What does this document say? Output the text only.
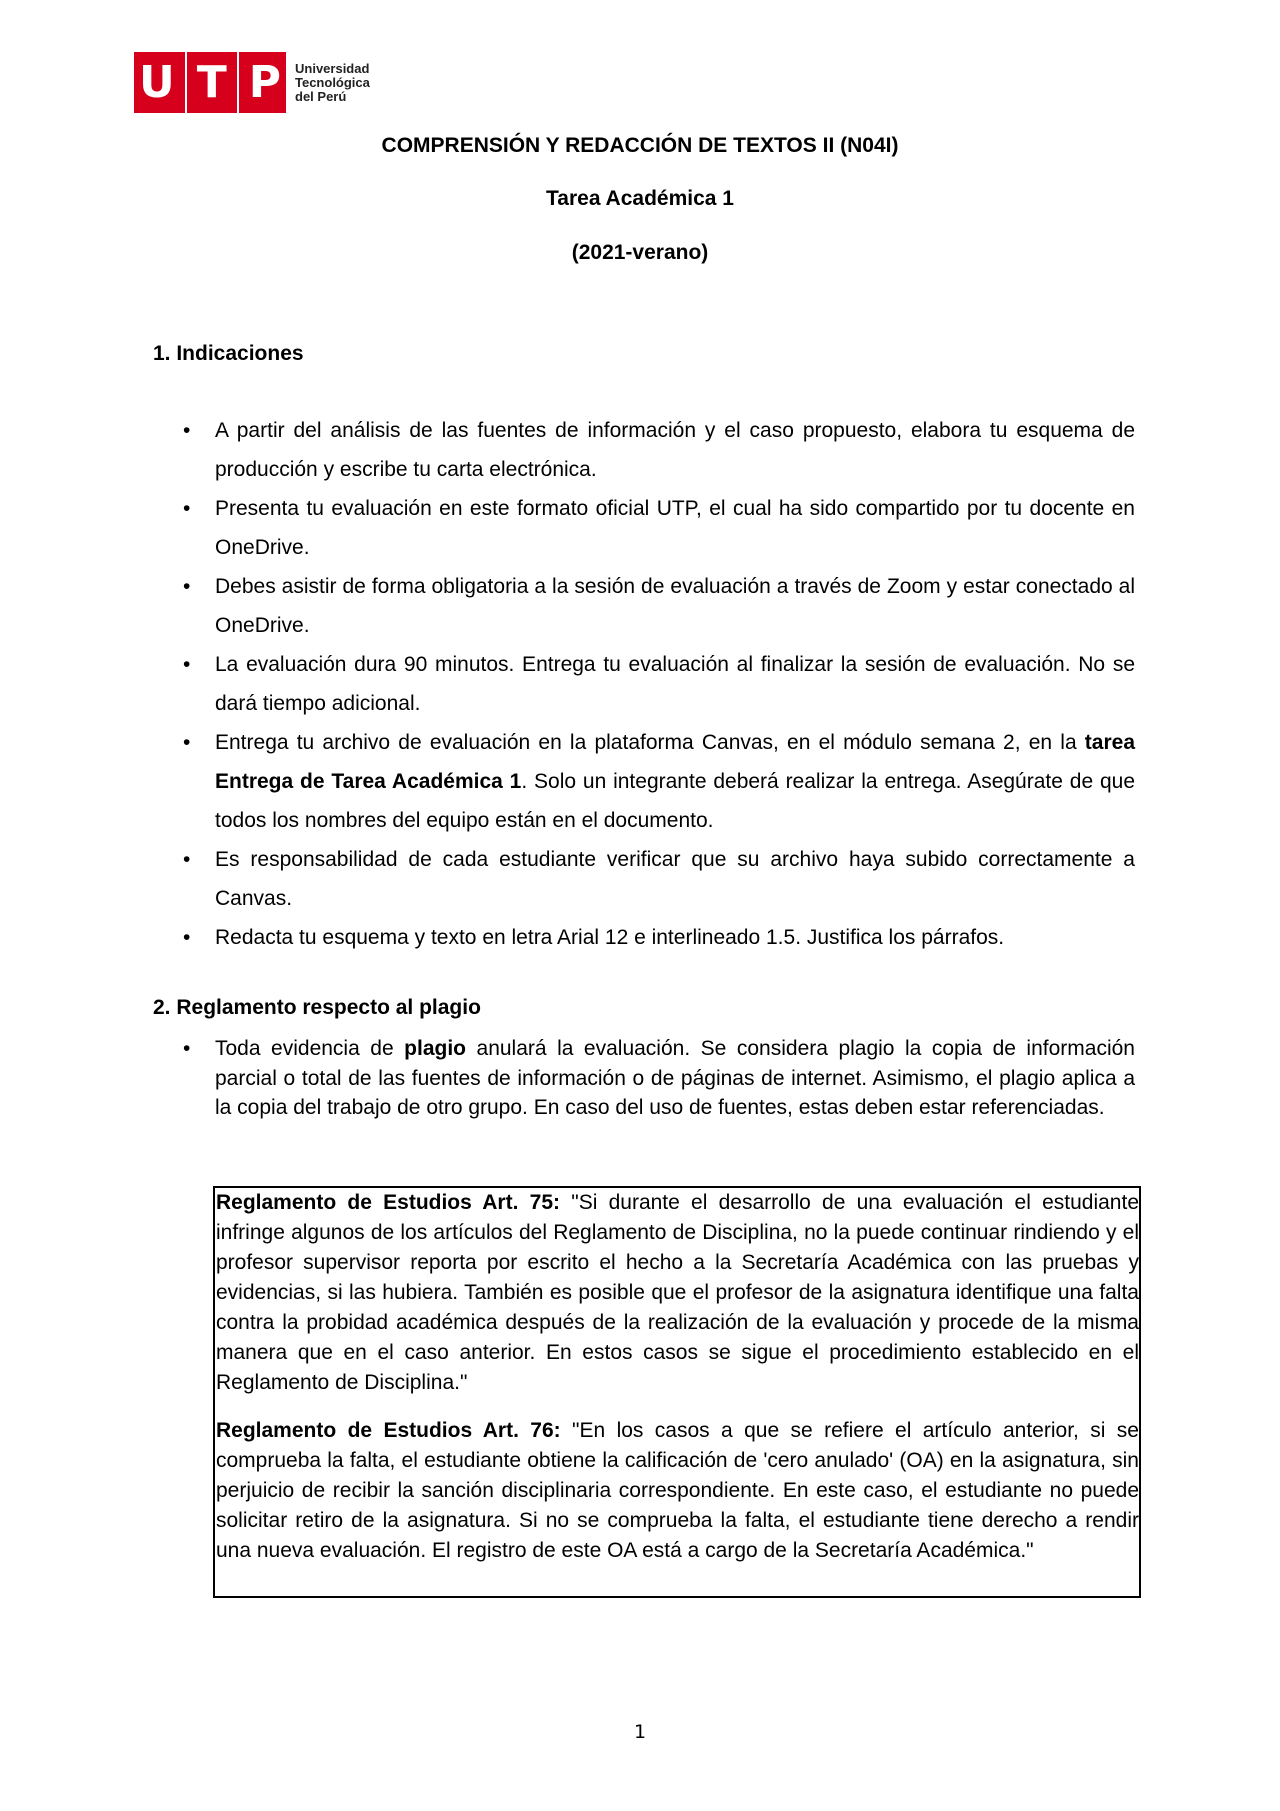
U T P Universidad
Tecnológica
del Perú
COMPRENSIÓN Y REDACCIÓN DE TEXTOS II (N04I)
Tarea Académica 1
(2021-verano)
1. Indicaciones
• A partir del análisis de las fuentes de información y el caso propuesto, elabora tu esquema de producción y escribe tu carta electrónica.
• Presenta tu evaluación en este formato oficial UTP, el cual ha sido compartido por tu docente en OneDrive.
• Debes asistir de forma obligatoria a la sesión de evaluación a través de Zoom y estar conectado al OneDrive.
• La evaluación dura 90 minutos. Entrega tu evaluación al finalizar la sesión de evaluación. No se dará tiempo adicional.
• Entrega tu archivo de evaluación en la plataforma Canvas, en el módulo semana 2, en la tarea Entrega de Tarea Académica 1. Solo un integrante deberá realizar la entrega. Asegúrate de que todos los nombres del equipo están en el documento.
• Es responsabilidad de cada estudiante verificar que su archivo haya subido correctamente a Canvas.
• Redacta tu esquema y texto en letra Arial 12 e interlineado 1.5. Justifica los párrafos.
2. Reglamento respecto al plagio
• Toda evidencia de plagio anulará la evaluación. Se considera plagio la copia de información parcial o total de las fuentes de información o de páginas de internet. Asimismo, el plagio aplica a la copia del trabajo de otro grupo. En caso del uso de fuentes, estas deben estar referenciadas.

Reglamento de Estudios Art. 75: "Si durante el desarrollo de una evaluación el estudiante infringe algunos de los artículos del Reglamento de Disciplina, no la puede continuar rindiendo y el profesor supervisor reporta por escrito el hecho a la Secretaría Académica con las pruebas y evidencias, si las hubiera. También es posible que el profesor de la asignatura identifique una falta contra la probidad académica después de la realización de la evaluación y procede de la misma manera que en el caso anterior. En estos casos se sigue el procedimiento establecido en el Reglamento de Disciplina."

Reglamento de Estudios Art. 76: "En los casos a que se refiere el artículo anterior, si se comprueba la falta, el estudiante obtiene la calificación de 'cero anulado' (OA) en la asignatura, sin perjuicio de recibir la sanción disciplinaria correspondiente. En este caso, el estudiante no puede solicitar retiro de la asignatura. Si no se comprueba la falta, el estudiante tiene derecho a rendir una nueva evaluación. El registro de este OA está a cargo de la Secretaría Académica."

1
